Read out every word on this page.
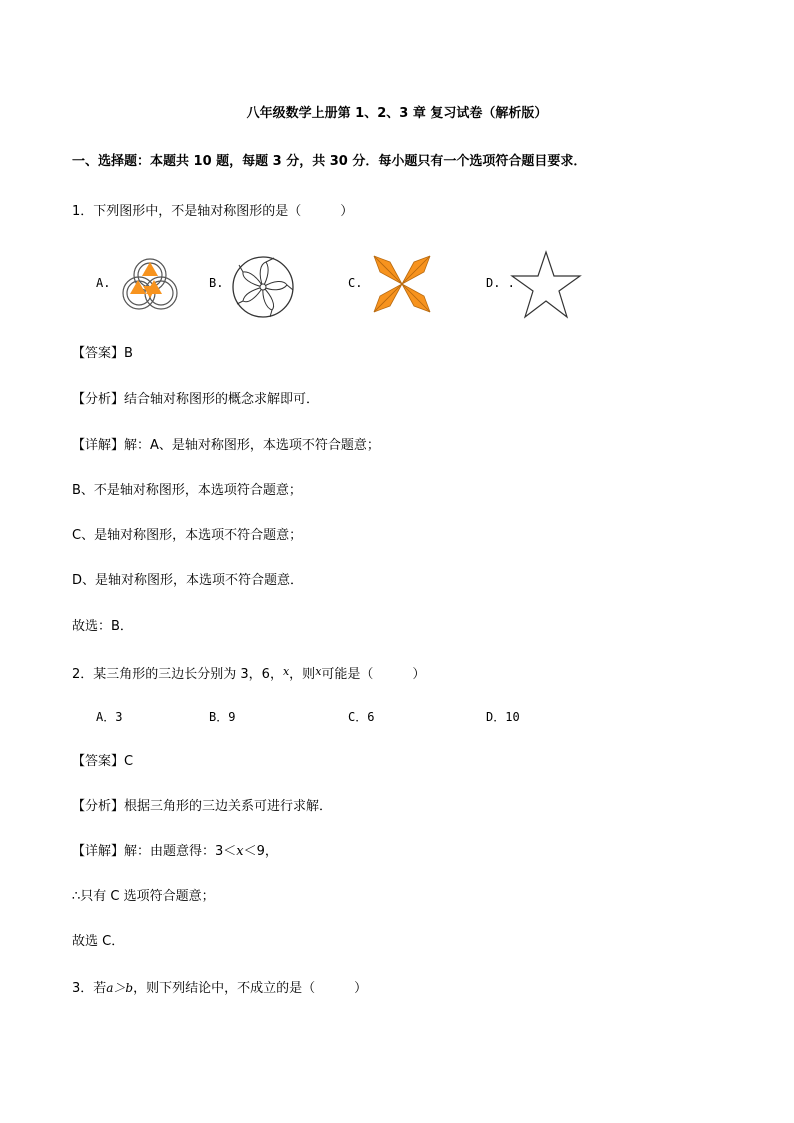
八年级数学上册第 1、2、3 章 复习试卷（解析版）
一、选择题：本题共 10 题，每题 3 分，共 30 分．每小题只有一个选项符合题目要求．
1．下列图形中，不是轴对称图形的是（　　　）
A.	B.	C.	D. .
【答案】B
【分析】结合轴对称图形的概念求解即可．
【详解】解：A、是轴对称图形，本选项不符合题意；
B、不是轴对称图形，本选项符合题意；
C、是轴对称图形，本选项不符合题意；
D、是轴对称图形，本选项不符合题意．
故选：B．
2．某三角形的三边长分别为 3，6，$^x$，则$^x$可能是（　　　）
A．3	B．9	C．6	D．10
【答案】C
【分析】根据三角形的三边关系可进行求解．
【详解】解：由题意得：3＜x＜9，
∴只有 C 选项符合题意；
故选 C．
3．若a＞b，则下列结论中，不成立的是（　　　）
